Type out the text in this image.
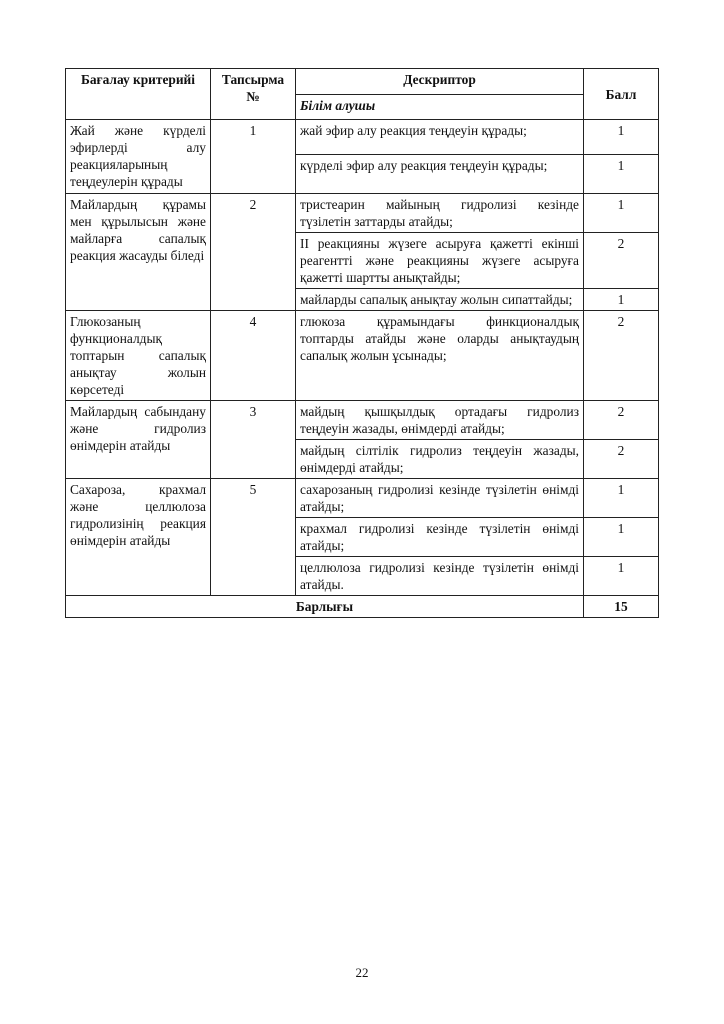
Бағалау критерийі	Тапсырма №	Дескриптор	Балл
		Білім алушы	
Жай және күрделі эфирлерді алу реакцияларының теңдеулерін құрады	1	жай эфир алу реакция теңдеуін құрады;	1
		күрделі эфир алу реакция теңдеуін құрады;	1
Майлардың құрамы мен құрылысын және майларға сапалық реакция жасауды біледі	2	тристеарин майының гидролизі кезінде түзілетін заттарды атайды;	1
		II реакцияны жүзеге асыруға қажетті екінші реагентті және реакцияны жүзеге асыруға қажетті шартты анықтайды;	2
		майларды сапалық анықтау жолын сипаттайды;	1
Глюкозаның функционалдық топтарын сапалық анықтау жолын көрсетеді	4	глюкоза құрамындағы финкционалдық топтарды атайды және оларды анықтаудың сапалық жолын ұсынады;	2
Майлардың сабындану және гидролиз өнімдерін атайды	3	майдың қышқылдық ортадағы гидролиз теңдеуін жазады, өнімдерді атайды;	2
		майдың сілтілік гидролиз теңдеуін жазады, өнімдерді атайды;	2
Сахароза, крахмал және целлюлоза гидролизінің реакция өнімдерін атайды	5	сахарозаның гидролизі кезінде түзілетін өнімді атайды;	1
		крахмал гидролизі кезінде түзілетін өнімді атайды;	1
		целлюлоза гидролизі кезінде түзілетін өнімді атайды.	1
Барлығы			15
22
